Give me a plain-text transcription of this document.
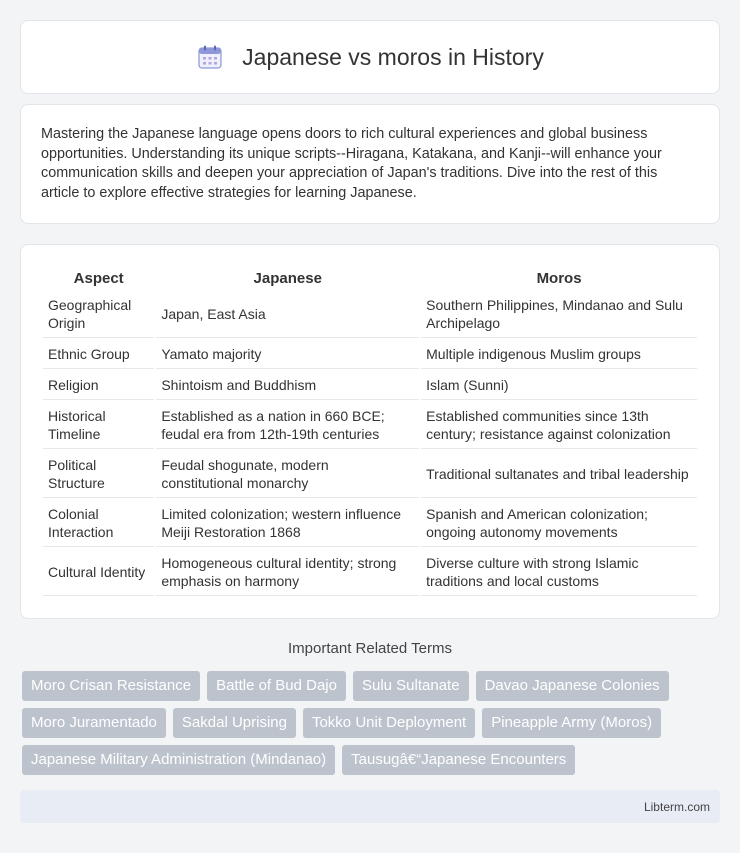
Japanese vs moros in History

Mastering the Japanese language opens doors to rich cultural experiences and global business opportunities. Understanding its unique scripts--Hiragana, Katakana, and Kanji--will enhance your communication skills and deepen your appreciation of Japan's traditions. Dive into the rest of this article to explore effective strategies for learning Japanese.

Aspect	Japanese	Moros
Geographical Origin	Japan, East Asia	Southern Philippines, Mindanao and Sulu Archipelago
Ethnic Group	Yamato majority	Multiple indigenous Muslim groups
Religion	Shintoism and Buddhism	Islam (Sunni)
Historical Timeline	Established as a nation in 660 BCE; feudal era from 12th-19th centuries	Established communities since 13th century; resistance against colonization
Political Structure	Feudal shogunate, modern constitutional monarchy	Traditional sultanates and tribal leadership
Colonial Interaction	Limited colonization; western influence Meiji Restoration 1868	Spanish and American colonization; ongoing autonomy movements
Cultural Identity	Homogeneous cultural identity; strong emphasis on harmony	Diverse culture with strong Islamic traditions and local customs
Important Related Terms
Moro Crisan Resistance	Battle of Bud Dajo	Sulu Sultanate	Davao Japanese Colonies
Moro Juramentado	Sakdal Uprising	Tokko Unit Deployment	Pineapple Army (Moros)
Japanese Military Administration (Mindanao)	Tausugâ€“Japanese Encounters
Libterm.com
